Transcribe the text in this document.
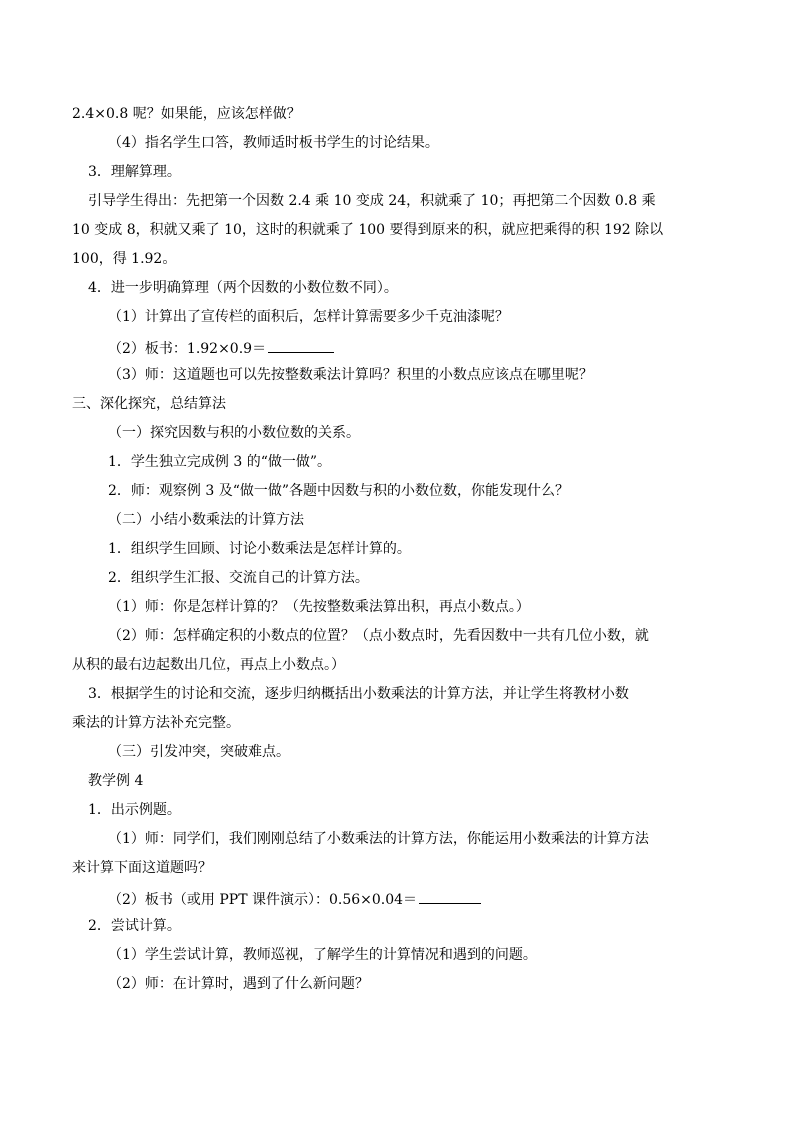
2.4×0.8 呢？如果能，应该怎样做？
（4）指名学生口答，教师适时板书学生的讨论结果。
3．理解算理。
引导学生得出：先把第一个因数 2.4 乘 10 变成 24，积就乘了 10；再把第二个因数 0.8 乘
10 变成 8，积就又乘了 10，这时的积就乘了 100 要得到原来的积，就应把乘得的积 192 除以
100，得 1.92。
4．进一步明确算理（两个因数的小数位数不同）。
（1）计算出了宣传栏的面积后，怎样计算需要多少千克油漆呢？
（2）板书：1.92×0.9＝
（3）师：这道题也可以先按整数乘法计算吗？积里的小数点应该点在哪里呢？
三、深化探究，总结算法
（一）探究因数与积的小数位数的关系。
1．学生独立完成例 3 的“做一做”。
2．师：观察例 3 及“做一做”各题中因数与积的小数位数，你能发现什么？
（二）小结小数乘法的计算方法
1．组织学生回顾、讨论小数乘法是怎样计算的。
2．组织学生汇报、交流自己的计算方法。
（1）师：你是怎样计算的？（先按整数乘法算出积，再点小数点。）
（2）师：怎样确定积的小数点的位置？（点小数点时，先看因数中一共有几位小数，就
从积的最右边起数出几位，再点上小数点。）
3．根据学生的讨论和交流，逐步归纳概括出小数乘法的计算方法，并让学生将教材小数
乘法的计算方法补充完整。
（三）引发冲突，突破难点。
教学例 4
1．出示例题。
（1）师：同学们，我们刚刚总结了小数乘法的计算方法，你能运用小数乘法的计算方法
来计算下面这道题吗？
（2）板书（或用 PPT 课件演示）：0.56×0.04＝
2．尝试计算。
（1）学生尝试计算，教师巡视，了解学生的计算情况和遇到的问题。
（2）师：在计算时，遇到了什么新问题？
